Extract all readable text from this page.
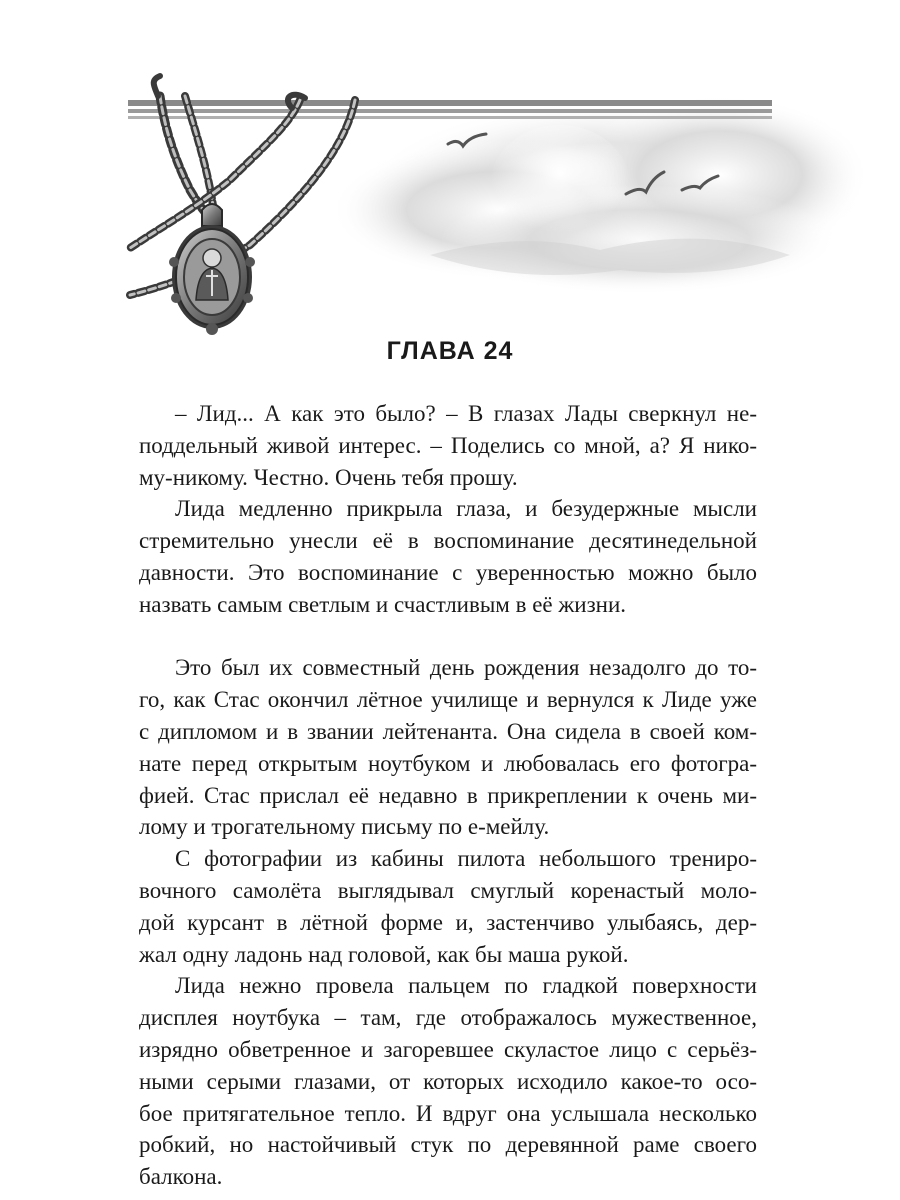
ГЛАВА 24
– Лид... А как это было? – В глазах Лады сверкнул не-
поддельный живой интерес. – Поделись со мной, а? Я нико-
му-никому. Честно. Очень тебя прошу.
Лида медленно прикрыла глаза, и безудержные мысли
стремительно унесли её в воспоминание десятинедельной
давности. Это воспоминание с уверенностью можно было
назвать самым светлым и счастливым в её жизни.
Это был их совместный день рождения незадолго до то-
го, как Стас окончил лётное училище и вернулся к Лиде уже
с дипломом и в звании лейтенанта. Она сидела в своей ком-
нате перед открытым ноутбуком и любовалась его фотогра-
фией. Стас прислал её недавно в прикреплении к очень ми-
лому и трогательному письму по е-мейлу.
С фотографии из кабины пилота небольшого трениро-
вочного самолёта выглядывал смуглый коренастый моло-
дой курсант в лётной форме и, застенчиво улыбаясь, дер-
жал одну ладонь над головой, как бы маша рукой.
Лида нежно провела пальцем по гладкой поверхности
дисплея ноутбука – там, где отображалось мужественное,
изрядно обветренное и загоревшее скуластое лицо с серьёз-
ными серыми глазами, от которых исходило какое-то осо-
бое притягательное тепло. И вдруг она услышала несколько
робкий, но настойчивый стук по деревянной раме своего
балкона.
